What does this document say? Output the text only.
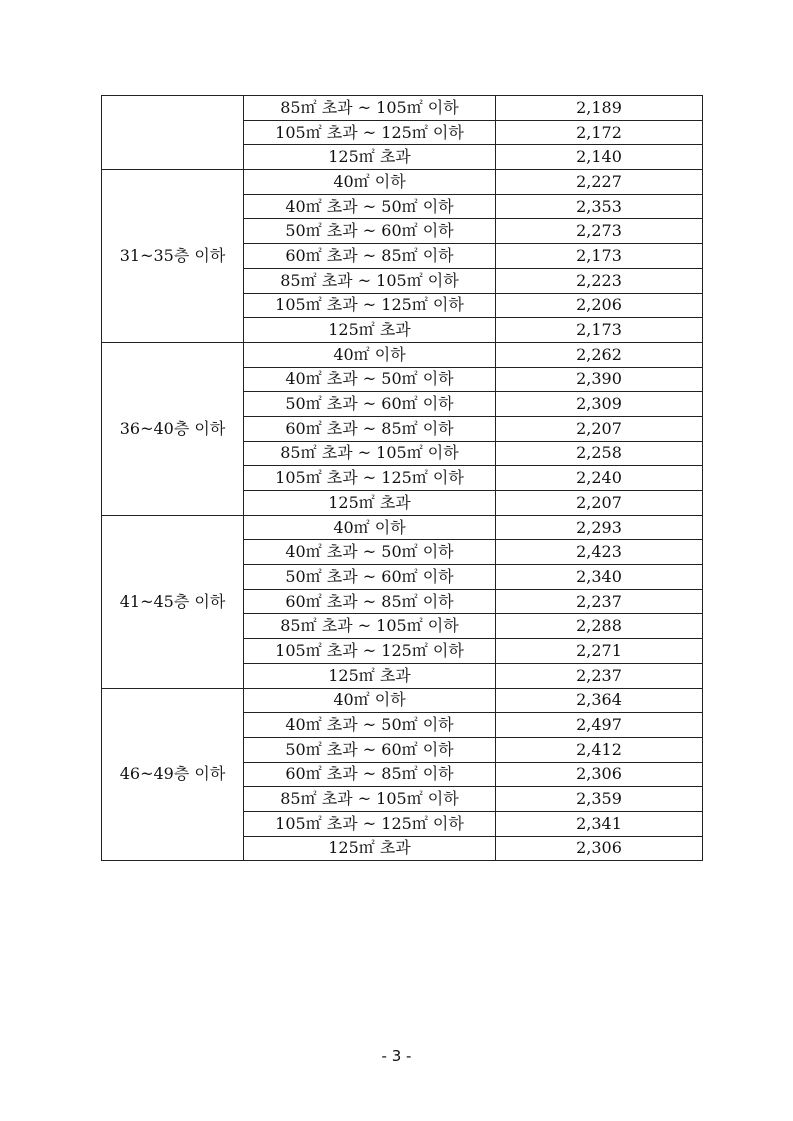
	85㎡ 초과 ~ 105㎡ 이하	2,189
	105㎡ 초과 ~ 125㎡ 이하	2,172
	125㎡ 초과	2,140
31~35층 이하	40㎡ 이하	2,227
	40㎡ 초과 ~ 50㎡ 이하	2,353
	50㎡ 초과 ~ 60㎡ 이하	2,273
	60㎡ 초과 ~ 85㎡ 이하	2,173
	85㎡ 초과 ~ 105㎡ 이하	2,223
	105㎡ 초과 ~ 125㎡ 이하	2,206
	125㎡ 초과	2,173
36~40층 이하	40㎡ 이하	2,262
	40㎡ 초과 ~ 50㎡ 이하	2,390
	50㎡ 초과 ~ 60㎡ 이하	2,309
	60㎡ 초과 ~ 85㎡ 이하	2,207
	85㎡ 초과 ~ 105㎡ 이하	2,258
	105㎡ 초과 ~ 125㎡ 이하	2,240
	125㎡ 초과	2,207
41~45층 이하	40㎡ 이하	2,293
	40㎡ 초과 ~ 50㎡ 이하	2,423
	50㎡ 초과 ~ 60㎡ 이하	2,340
	60㎡ 초과 ~ 85㎡ 이하	2,237
	85㎡ 초과 ~ 105㎡ 이하	2,288
	105㎡ 초과 ~ 125㎡ 이하	2,271
	125㎡ 초과	2,237
46~49층 이하	40㎡ 이하	2,364
	40㎡ 초과 ~ 50㎡ 이하	2,497
	50㎡ 초과 ~ 60㎡ 이하	2,412
	60㎡ 초과 ~ 85㎡ 이하	2,306
	85㎡ 초과 ~ 105㎡ 이하	2,359
	105㎡ 초과 ~ 125㎡ 이하	2,341
	125㎡ 초과	2,306
- 3 -
